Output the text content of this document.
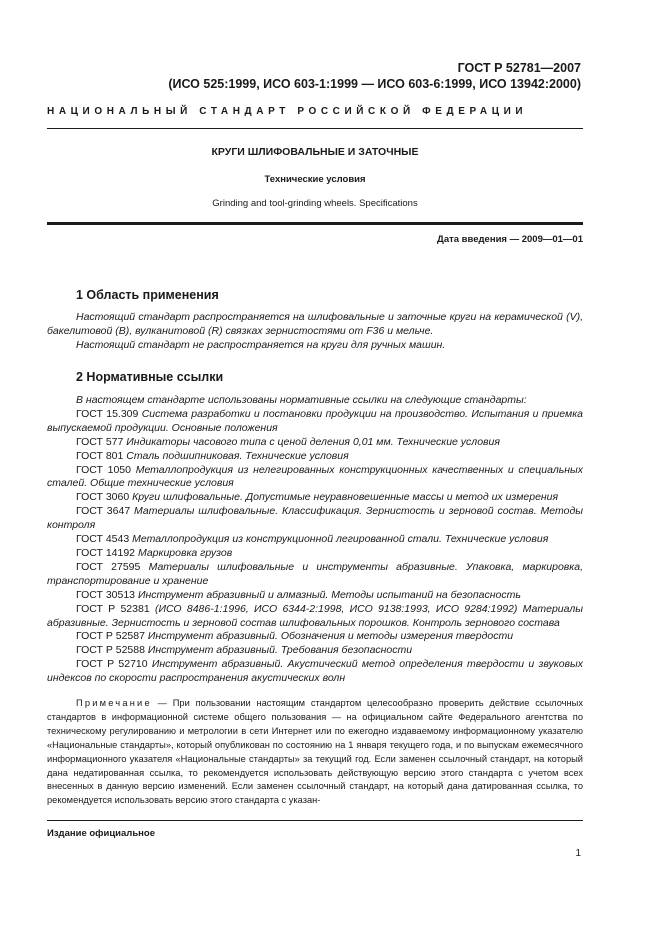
ГОСТ Р 52781—2007
(ИСО 525:1999, ИСО 603-1:1999 — ИСО 603-6:1999, ИСО 13942:2000)
НАЦИОНАЛЬНЫЙ СТАНДАРТ РОССИЙСКОЙ ФЕДЕРАЦИИ
КРУГИ ШЛИФОВАЛЬНЫЕ И ЗАТОЧНЫЕ
Технические условия
Grinding and tool-grinding wheels. Specifications
Дата введения — 2009—01—01
1 Область применения

Настоящий стандарт распространяется на шлифовальные и заточные круги на керамической (V), бакелитовой (B), вулканитовой (R) связках зернистостями от F36 и мельче.

Настоящий стандарт не распространяется на круги для ручных машин.

2 Нормативные ссылки

В настоящем стандарте использованы нормативные ссылки на следующие стандарты:

ГОСТ 15.309 Система разработки и постановки продукции на производство. Испытания и приемка выпускаемой продукции. Основные положения

ГОСТ 577 Индикаторы часового типа с ценой деления 0,01 мм. Технические условия

ГОСТ 801 Сталь подшипниковая. Технические условия

ГОСТ 1050 Металлопродукция из нелегированных конструкционных качественных и специальных сталей. Общие технические условия

ГОСТ 3060 Круги шлифовальные. Допустимые неуравновешенные массы и метод их измерения

ГОСТ 3647 Материалы шлифовальные. Классификация. Зернистость и зерновой состав. Методы контроля

ГОСТ 4543 Металлопродукция из конструкционной легированной стали. Технические условия

ГОСТ 14192 Маркировка грузов

ГОСТ 27595 Материалы шлифовальные и инструменты абразивные. Упаковка, маркировка, транспортирование и хранение

ГОСТ 30513 Инструмент абразивный и алмазный. Методы испытаний на безопасность

ГОСТ Р 52381 (ИСО 8486-1:1996, ИСО 6344-2:1998, ИСО 9138:1993, ИСО 9284:1992) Материалы абразивные. Зернистость и зерновой состав шлифовальных порошков. Контроль зернового состава

ГОСТ Р 52587 Инструмент абразивный. Обозначения и методы измерения твердости

ГОСТ Р 52588 Инструмент абразивный. Требования безопасности

ГОСТ Р 52710 Инструмент абразивный. Акустический метод определения твердости и звуковых индексов по скорости распространения акустических волн

Примечание — При пользовании настоящим стандартом целесообразно проверить действие ссылочных стандартов в информационной системе общего пользования — на официальном сайте Федерального агентства по техническому регулированию и метрологии в сети Интернет или по ежегодно издаваемому информационному указателю «Национальные стандарты», который опубликован по состоянию на 1 января текущего года, и по выпускам ежемесячного информационного указателя «Национальные стандарты» за текущий год. Если заменен ссылочный стандарт, на который дана недатированная ссылка, то рекомендуется использовать действующую версию этого стандарта с учетом всех внесенных в данную версию изменений. Если заменен ссылочный стандарт, на который дана датированная ссылка, то рекомендуется использовать версию этого стандарта с указан-

Издание официальное
1
